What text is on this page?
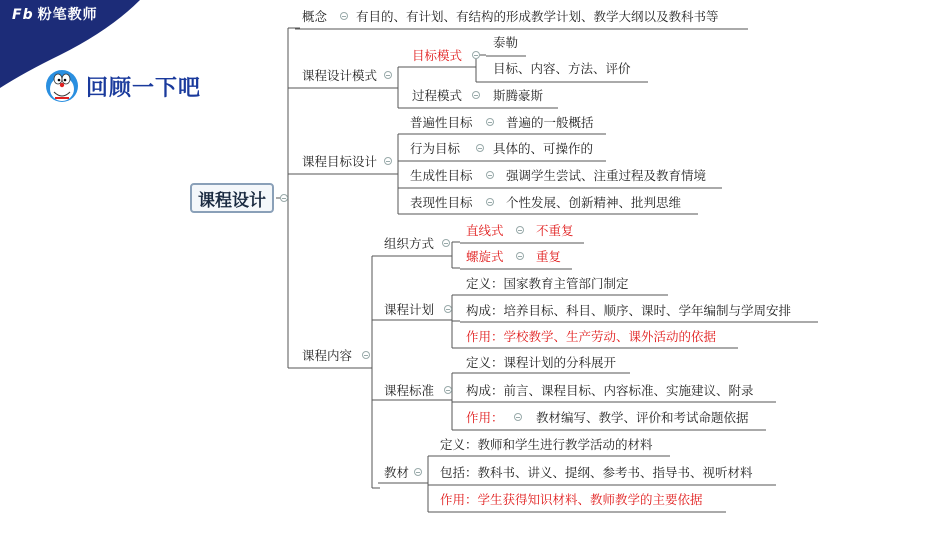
Fb 粉笔教师
回顾一下吧
课程设计
概念 有目的、有计划、有结构的形成教学计划、教学大纲以及教科书等
课程设计模式
目标模式
泰勒
目标、内容、方法、评价
过程模式 斯腾豪斯
课程目标设计
普遍性目标	普遍的一般概括
行为目标	具体的、可操作的
生成性目标	强调学生尝试、注重过程及教育情境
表现性目标	个性发展、创新精神、批判思维
课程内容
组织方式
直线式	不重复
螺旋式	重复
课程计划
定义：国家教育主管部门制定
构成：培养目标、科目、顺序、课时、学年编制与学周安排
作用：学校教学、生产劳动、课外活动的依据
课程标准
定义：课程计划的分科展开
构成：前言、课程目标、内容标准、实施建议、附录
作用：	教材编写、教学、评价和考试命题依据
教材
定义：教师和学生进行教学活动的材料
包括：教科书、讲义、提纲、参考书、指导书、视听材料
作用：学生获得知识材料、教师教学的主要依据
